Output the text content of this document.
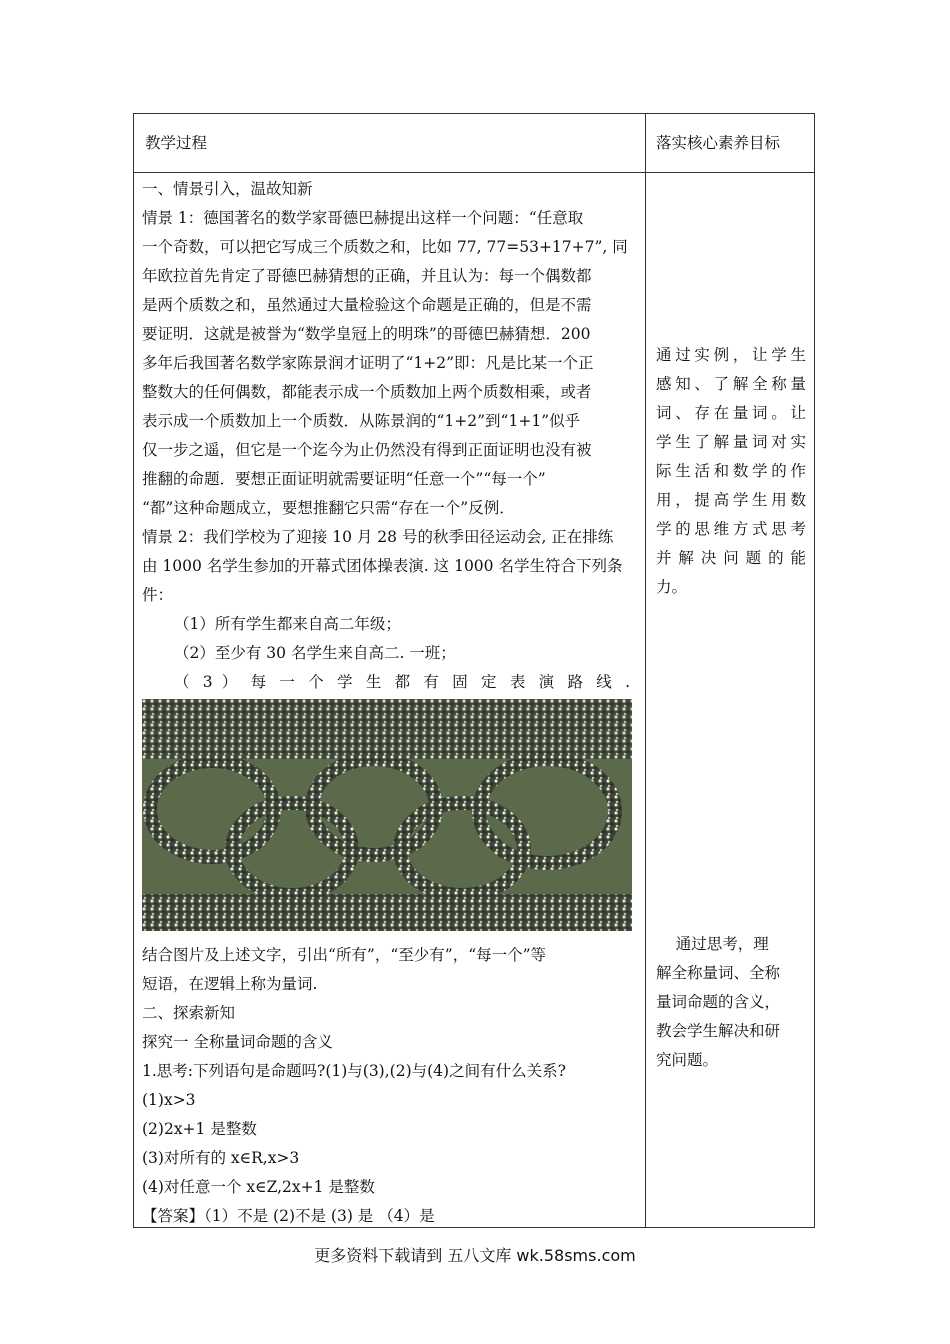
教学过程	落实核心素养目标
一、情景引入，温故知新
情景 1：德国著名的数学家哥德巴赫提出这样一个问题：“任意取
一个奇数，可以把它写成三个质数之和，比如 77, 77=53+17+7”, 同
年欧拉首先肯定了哥德巴赫猜想的正确，并且认为：每一个偶数都
是两个质数之和，虽然通过大量检验这个命题是正确的，但是不需
要证明．这就是被誉为“数学皇冠上的明珠”的哥德巴赫猜想．200
多年后我国著名数学家陈景润才证明了“1+2”即：凡是比某一个正
整数大的任何偶数，都能表示成一个质数加上两个质数相乘，或者
表示成一个质数加上一个质数．从陈景润的“1+2”到“1+1”似乎
仅一步之遥，但它是一个迄今为止仍然没有得到正面证明也没有被
推翻的命题．要想正面证明就需要证明“任意一个”“每一个”
“都”这种命题成立，要想推翻它只需“存在一个”反例．
情景 2：我们学校为了迎接 10 月 28 号的秋季田径运动会, 正在排练
由 1000 名学生参加的开幕式团体操表演. 这 1000 名学生符合下列条
件：
（1）所有学生都来自高二年级；
（2）至少有 30 名学生来自高二. 一班；
（ 3 ） 每 一 个 学 生 都 有 固 定 表 演 路 线 .
结合图片及上述文字，引出“所有”，“至少有”，“每一个”等
短语，在逻辑上称为量词.
二、探索新知
探究一 全称量词命题的含义
1.思考:下列语句是命题吗?(1)与(3),(2)与(4)之间有什么关系?
(1)x>3
(2)2x+1 是整数
(3)对所有的 x∈R,x>3
(4)对任意一个 x∈Z,2x+1 是整数
【答案】（1）不是 (2)不是 (3) 是 （4）是
通过实例，让学生
感知、了解全称量
词、存在量词。让
学生了解量词对实
际生活和数学的作
用，提高学生用数
学的思维方式思考
并解决问题的能
力。
通过思考，理
解全称量词、全称
量词命题的含义，
教会学生解决和研
究问题。
更多资料下载请到 五八文库 wk.58sms.com
